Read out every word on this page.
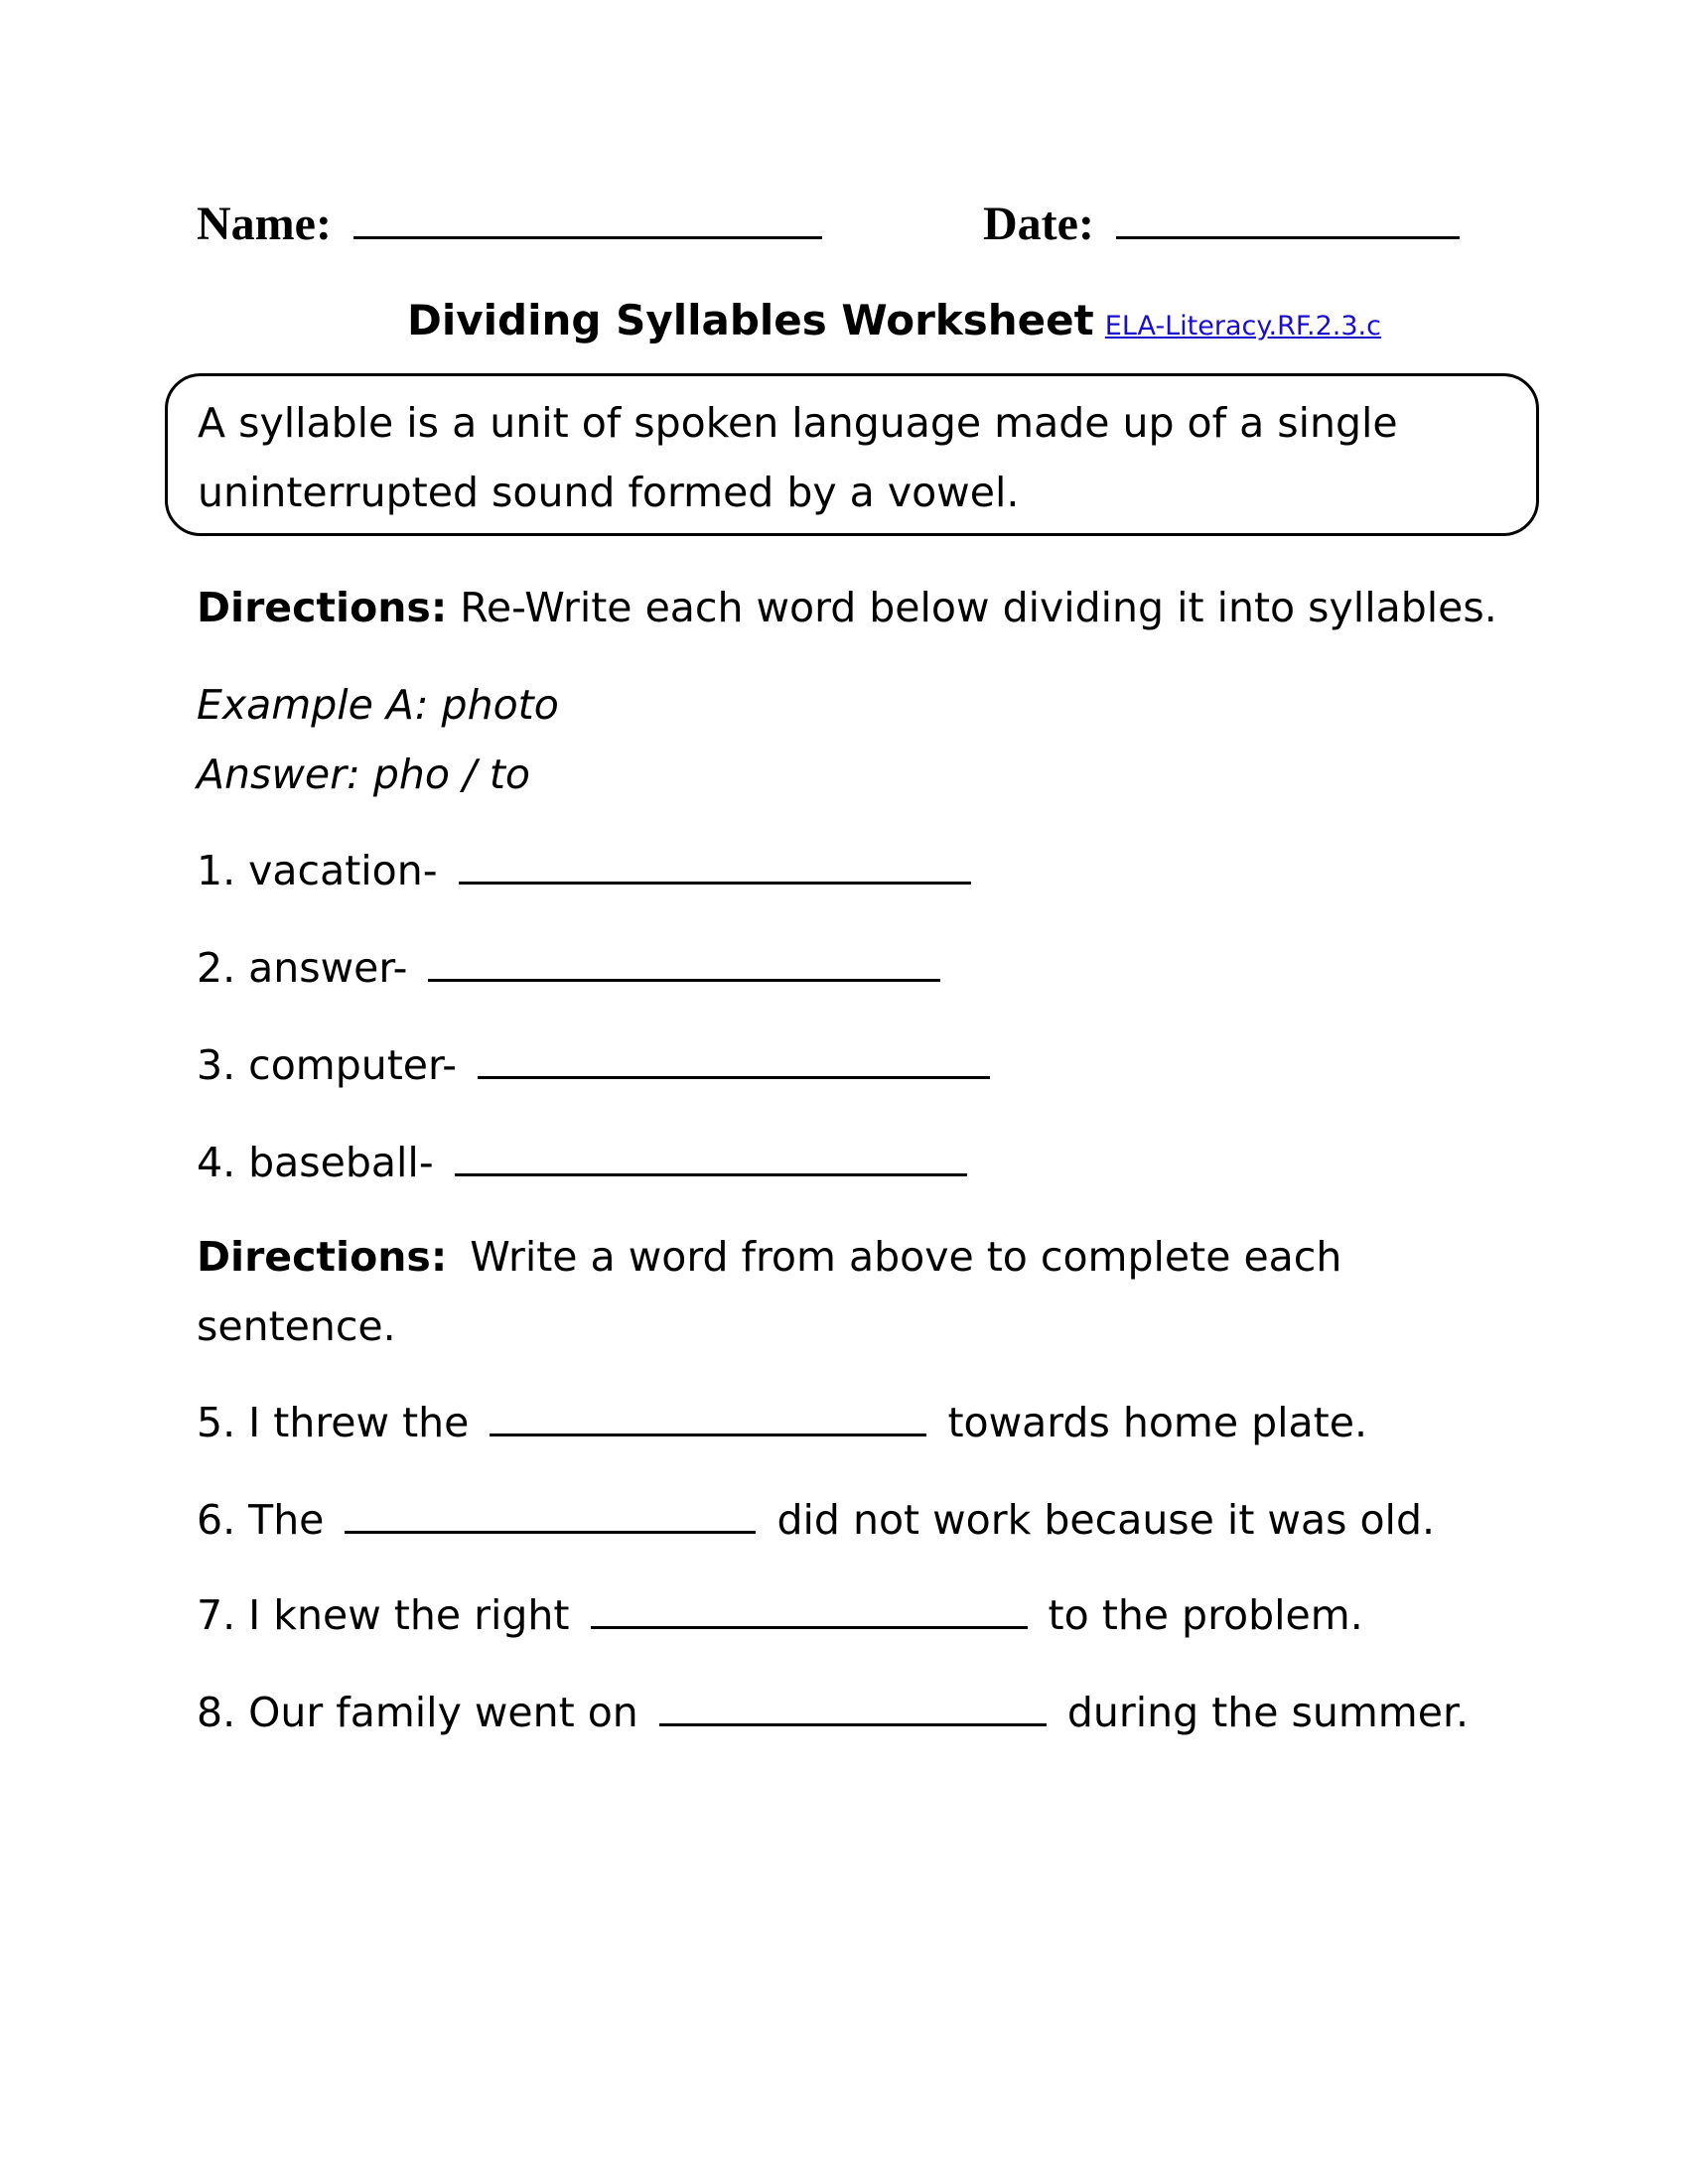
Name:	Date:
Dividing Syllables Worksheet ELA-Literacy.RF.2.3.c
A syllable is a unit of spoken language made up of a single uninterrupted sound formed by a vowel.
Directions: Re-Write each word below dividing it into syllables.
Example A: photo
Answer: pho / to
1. vacation-
2. answer-
3. computer-
4. baseball-
Directions: Write a word from above to complete each
sentence.
5. I threw the	towards home plate.
6. The	did not work because it was old.
7. I knew the right	to the problem.
8. Our family went on	during the summer.
